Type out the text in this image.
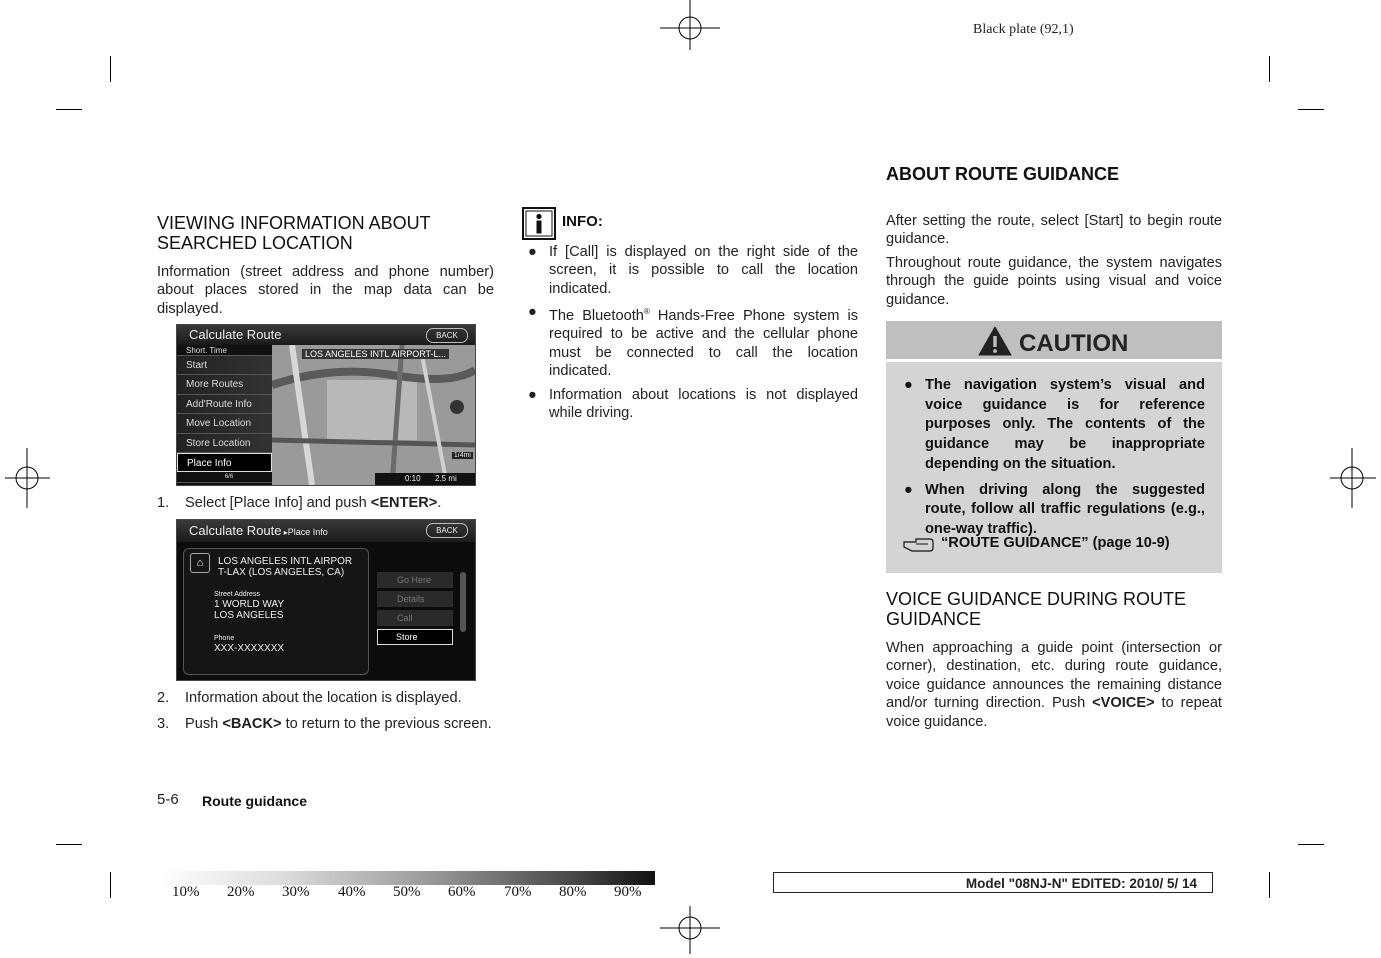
Black plate (92,1)
VIEWING INFORMATION ABOUT
SEARCHED LOCATION
Information (street address and phone number) about places stored in the map data can be displayed.
LOS ANGELES INTL AIRPORT-L...
0:10 2.5 mi
1/4mi
Calculate Route	BACK
Short. Time
Start
More Routes
Add'Route Info
Move Location
Store Location
Place Info
6/6
1.	Select [Place Info] and push <ENTER>.
Calculate Route ▸Place Info	BACK
⌂	LOS ANGELES INTL AIRPOR
T-LAX (LOS ANGELES, CA)
Street Address
1 WORLD WAY
LOS ANGELES
Phone
XXX-XXXXXXX
Go Here
Details
Call
Store
2.	Information about the location is displayed.
3.	Push <BACK> to return to the previous screen.
INFO:
● If [Call] is displayed on the right side of the screen, it is possible to call the location indicated.
● The Bluetooth® Hands-Free Phone system is required to be active and the cellular phone must be connected to call the location indicated.
● Information about locations is not displayed while driving.
ABOUT ROUTE GUIDANCE

After setting the route, select [Start] to begin route guidance.

Throughout route guidance, the system navigates through the guide points using visual and voice guidance.

CAUTION
● The navigation system’s visual and voice guidance is for reference purposes only. The contents of the guidance may be inappropriate depending on the situation.
● When driving along the suggested route, follow all traffic regulations (e.g., one-way traffic).
“ROUTE GUIDANCE” (page 10-9)
VOICE GUIDANCE DURING ROUTE
GUIDANCE
When approaching a guide point (intersection or corner), destination, etc. during route guidance, voice guidance announces the remaining distance and/or turning direction. Push <VOICE> to repeat voice guidance.
5-6 Route guidance
10% 20% 30% 40% 50% 60% 70% 80% 90%
Model "08NJ-N" EDITED: 2010/ 5/ 14
